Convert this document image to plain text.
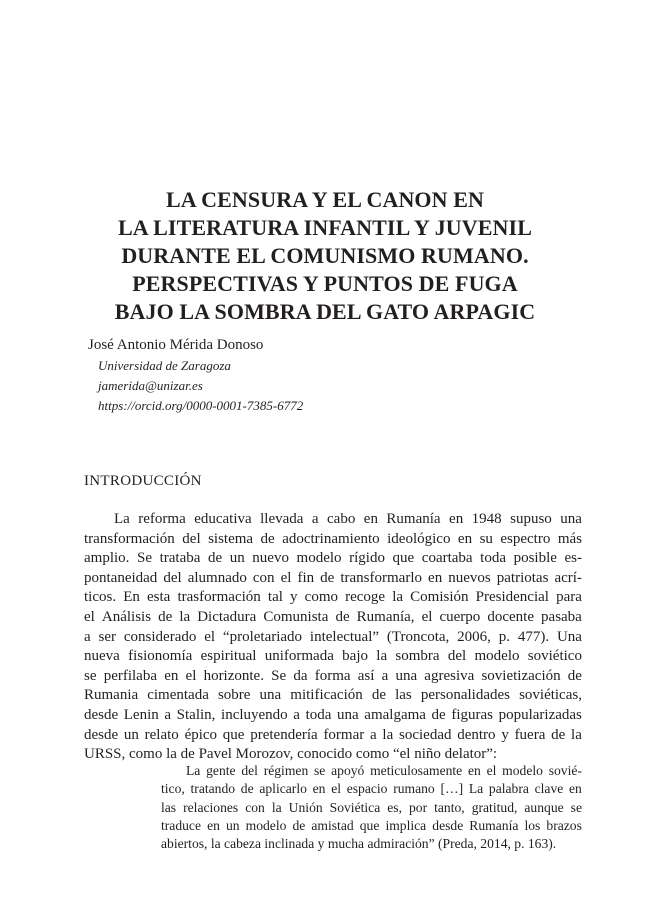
LA CENSURA Y EL CANON EN
LA LITERATURA INFANTIL Y JUVENIL
DURANTE EL COMUNISMO RUMANO.
PERSPECTIVAS Y PUNTOS DE FUGA
BAJO LA SOMBRA DEL GATO ARPAGIC
José Antonio Mérida Donoso
Universidad de Zaragoza
jamerida@unizar.es
https://orcid.org/0000-0001-7385-6772
INTRODUCCIÓN
La reforma educativa llevada a cabo en Rumanía en 1948 supuso una
transformación del sistema de adoctrinamiento ideológico en su espectro más
amplio. Se trataba de un nuevo modelo rígido que coartaba toda posible es-
pontaneidad del alumnado con el fin de transformarlo en nuevos patriotas acrí-
ticos. En esta trasformación tal y como recoge la Comisión Presidencial para
el Análisis de la Dictadura Comunista de Rumanía, el cuerpo docente pasaba
a ser considerado el “proletariado intelectual” (Troncota, 2006, p. 477). Una
nueva fisionomía espiritual uniformada bajo la sombra del modelo soviético
se perfilaba en el horizonte. Se da forma así a una agresiva sovietización de
Rumania cimentada sobre una mitificación de las personalidades soviéticas,
desde Lenin a Stalin, incluyendo a toda una amalgama de figuras popularizadas
desde un relato épico que pretendería formar a la sociedad dentro y fuera de la
URSS, como la de Pavel Morozov, conocido como “el niño delator”:
La gente del régimen se apoyó meticulosamente en el modelo sovié-
tico, tratando de aplicarlo en el espacio rumano […] La palabra clave en
las relaciones con la Unión Soviética es, por tanto, gratitud, aunque se
traduce en un modelo de amistad que implica desde Rumanía los brazos
abiertos, la cabeza inclinada y mucha admiración” (Preda, 2014, p. 163).
